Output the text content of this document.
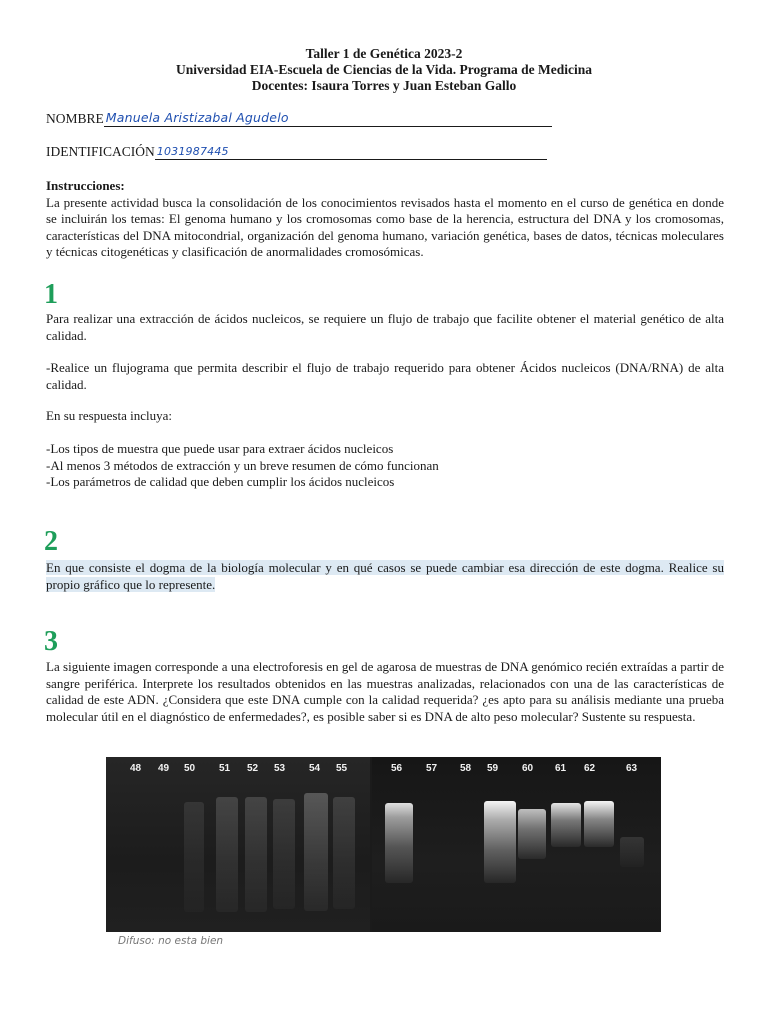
Taller 1 de Genética 2023-2
Universidad EIA-Escuela de Ciencias de la Vida. Programa de Medicina
Docentes: Isaura Torres y Juan Esteban Gallo
NOMBRE Manuela Aristizabal Agudelo
IDENTIFICACIÓN 1031987445
Instrucciones:
La presente actividad busca la consolidación de los conocimientos revisados hasta el momento en el curso de genética en donde se incluirán los temas: El genoma humano y los cromosomas como base de la herencia, estructura del DNA y los cromosomas, características del DNA mitocondrial, organización del genoma humano, variación genética, bases de datos, técnicas moleculares y técnicas citogenéticas y clasificación de anormalidades cromosómicas.
1
Para realizar una extracción de ácidos nucleicos, se requiere un flujo de trabajo que facilite obtener el material genético de alta calidad.
-Realice un flujograma que permita describir el flujo de trabajo requerido para obtener Ácidos nucleicos (DNA/RNA) de alta calidad.
En su respuesta incluya:
-Los tipos de muestra que puede usar para extraer ácidos nucleicos
-Al menos 3 métodos de extracción y un breve resumen de cómo funcionan
-Los parámetros de calidad que deben cumplir los ácidos nucleicos
2
En que consiste el dogma de la biología molecular y en qué casos se puede cambiar esa dirección de este dogma. Realice su propio gráfico que lo represente.
3
La siguiente imagen corresponde a una electroforesis en gel de agarosa de muestras de DNA genómico recién extraídas a partir de sangre periférica. Interprete los resultados obtenidos en las muestras analizadas, relacionados con una de las características de calidad de este ADN. ¿Considera que este DNA cumple con la calidad requerida? ¿es apto para su análisis mediante una prueba molecular útil en el diagnóstico de enfermedades?, es posible saber si es DNA de alto peso molecular? Sustente su respuesta.
48 49 50 51 52 53 54 55	56 57 58 59 60 61 62	63
Difuso: no esta bien
